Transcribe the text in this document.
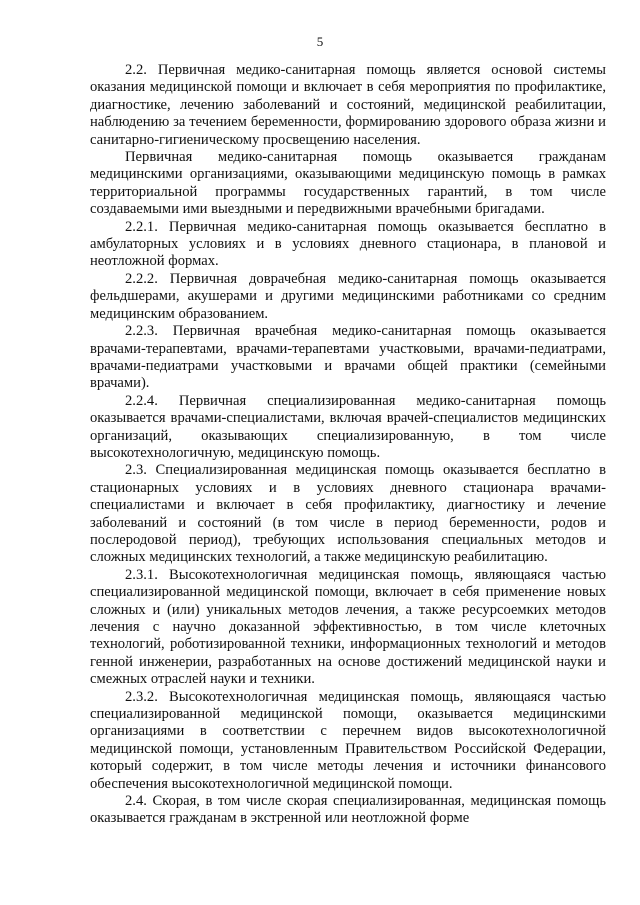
5

2.2. Первичная медико-санитарная помощь является основой системы оказания медицинской помощи и включает в себя мероприятия по профилактике, диагностике, лечению заболеваний и состояний, медицинской реабилитации, наблюдению за течением беременности, формированию здорового образа жизни и санитарно-гигиеническому просвещению населения.

Первичная медико-санитарная помощь оказывается гражданам медицинскими организациями, оказывающими медицинскую помощь в рамках территориальной программы государственных гарантий, в том числе создаваемыми ими выездными и передвижными врачебными бригадами.

2.2.1. Первичная медико-санитарная помощь оказывается бесплатно в амбулаторных условиях и в условиях дневного стационара, в плановой и неотложной формах.

2.2.2. Первичная доврачебная медико-санитарная помощь оказывается фельдшерами, акушерами и другими медицинскими работниками со средним медицинским образованием.

2.2.3. Первичная врачебная медико-санитарная помощь оказывается врачами-терапевтами, врачами-терапевтами участковыми, врачами-педиатрами, врачами-педиатрами участковыми и врачами общей практики (семейными врачами).

2.2.4. Первичная специализированная медико-санитарная помощь оказывается врачами-специалистами, включая врачей-специалистов медицинских организаций, оказывающих специализированную, в том числе высокотехнологичную, медицинскую помощь.

2.3. Специализированная медицинская помощь оказывается бесплатно в стационарных условиях и в условиях дневного стационара врачами-специалистами и включает в себя профилактику, диагностику и лечение заболеваний и состояний (в том числе в период беременности, родов и послеродовой период), требующих использования специальных методов и сложных медицинских технологий, а также медицинскую реабилитацию.

2.3.1. Высокотехнологичная медицинская помощь, являющаяся частью специализированной медицинской помощи, включает в себя применение новых сложных и (или) уникальных методов лечения, а также ресурсоемких методов лечения с научно доказанной эффективностью, в том числе клеточных технологий, роботизированной техники, информационных технологий и методов генной инженерии, разработанных на основе достижений медицинской науки и смежных отраслей науки и техники.

2.3.2. Высокотехнологичная медицинская помощь, являющаяся частью специализированной медицинской помощи, оказывается медицинскими организациями в соответствии с перечнем видов высокотехнологичной медицинской помощи, установленным Правительством Российской Федерации, который содержит, в том числе методы лечения и источники финансового обеспечения высокотехнологичной медицинской помощи.

2.4. Скорая, в том числе скорая специализированная, медицинская помощь оказывается гражданам в экстренной или неотложной форме
